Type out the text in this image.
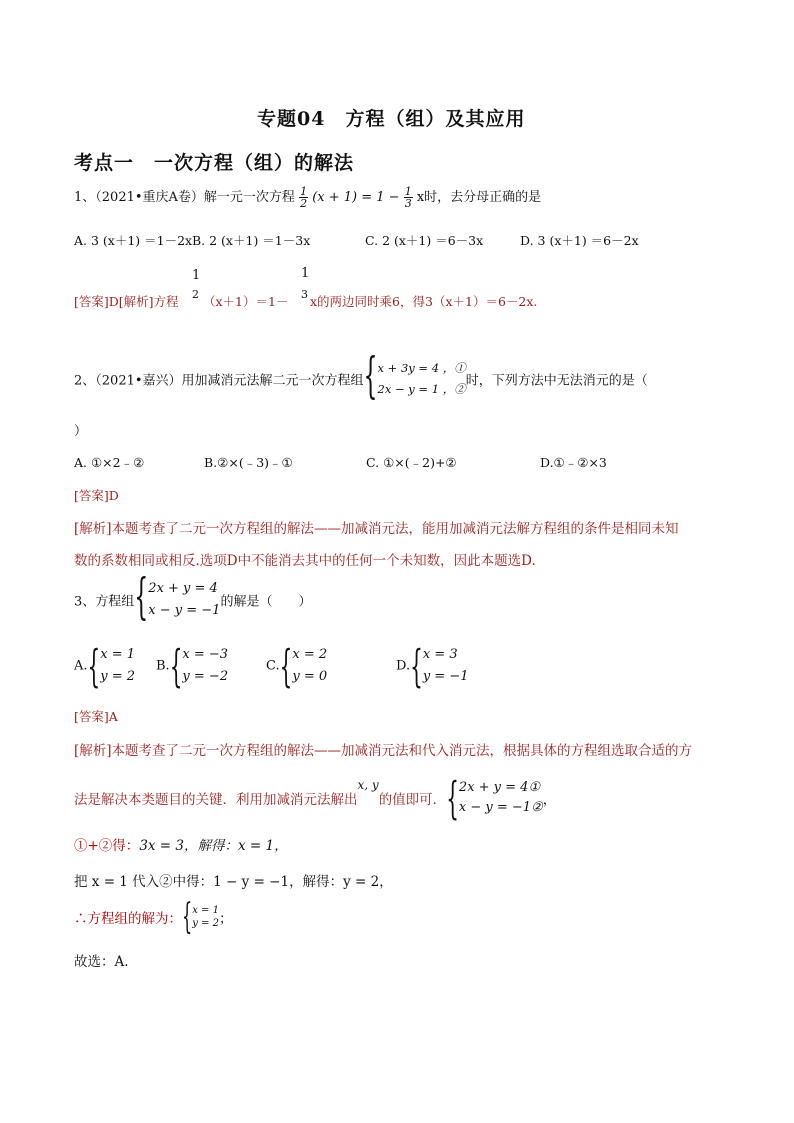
专题04　方程（组）及其应用
考点一　一次方程（组）的解法
1、（2021•重庆A卷）解一元一次方程 $\frac{1}{2} (x + 1) = 1 - \frac{1}{3}$ x时，去分母正确的是
A. 3 (x＋1) ＝1－2x B. 2 (x＋1) ＝1－3x	C. 2 (x＋1) ＝6－3x	D. 3 (x＋1) ＝6－2x
[答案]D[解析]方程
1
2 （x＋1）＝1－
1
3 x的两边同时乘6，得3（x＋1）＝6－2x.
2、（2021•嘉兴）用加减消元法解二元一次方程组{ x + 3y = 4 ，①
2x − y = 1 ，②
时，下列方法中无法消元的是（
）
A. ①×2﹣②	B.②×(﹣3)﹣①	C. ①×(﹣2)+②	D.①﹣②×3
[答案]D
[解析]本题考查了二元一次方程组的解法——加减消元法，能用加减消元法解方程组的条件是相同未知
数的系数相同或相反.选项D中不能消去其中的任何一个未知数，因此本题选D.
3、方程组{ 2x + y = 4
x − y = −1
的解是（　　）
A.{ x = 1
y = 2
B.{ x = −3
y = −2
C.{ x = 2
y = 0
D.{ x = 3
y = −1
[答案]A
[解析]本题考查了二元一次方程组的解法——加减消元法和代入消元法，根据具体的方程组选取合适的方
法是解决本类题目的关键．利用加减消元法解出x, y的值即可．{ 2x + y = 4①
x − y = −1② ，
①+②得：3x = 3，解得：x = 1，
把 x = 1 代入②中得：1 − y = −1，解得：y = 2，
∴方程组的解为：{ x = 1
y = 2 ；
故选：A.
